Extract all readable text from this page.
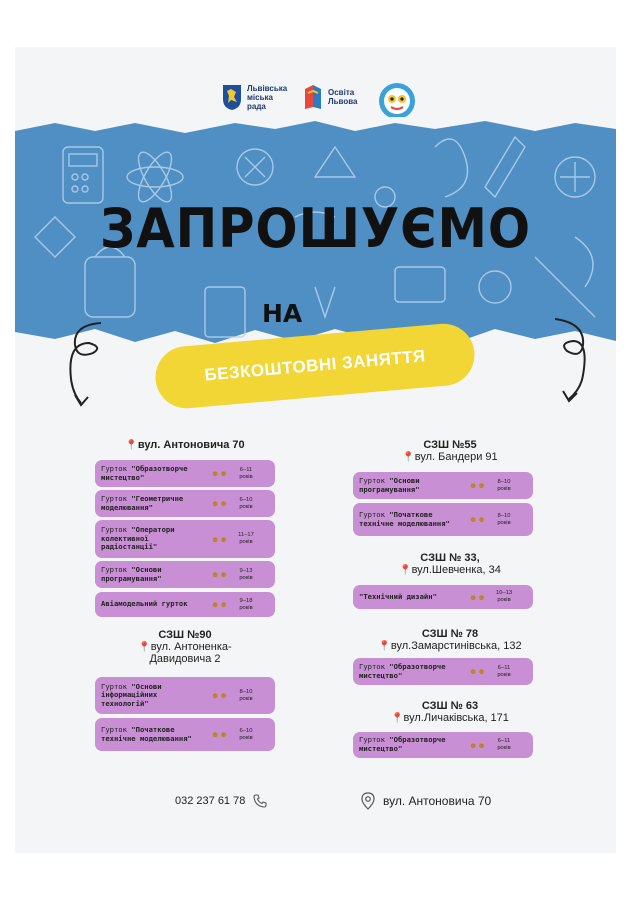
Львівська
міська
рада
Освіта
Львова
ЗАПРОШУЄМО
НА
БЕЗКОШТОВНІ ЗАНЯТТЯ
📍вул. Антоновича 70
Гурток "Образотворче мистецтво"	☻☻	6–11
років
Гурток "Геометричне моделювання"	☻☻	6–10
років
Гурток "Оператори колективної радіостанції"
☻☻	11–17
років
Гурток "Основи програмування"	☻☻	9–13
років
Авіамодельний гурток	☻☻	9–18
років
СЗШ №90
📍вул. Антоненка-
Давидовича 2
Гурток "Основи інформаційних технологій"
☻☻	8–10
років
Гурток "Початкове технічне моделювання"	☻☻	6–10
років
СЗШ №55
📍вул. Бандери 91
Гурток "Основи програмування"	☻☻	8–10
років
Гурток "Початкове технічне моделювання"	☻☻	8–10
років
СЗШ № 33,
📍вул.Шевченка, 34
"Технічний дизайн"	☻☻	10–13
років
СЗШ № 78
📍вул.Замарстинівська, 132
Гурток "Образотворче мистецтво"	☻☻	6–11
років
СЗШ № 63
📍вул.Личаківська, 171
Гурток "Образотворче мистецтво"	☻☻	6–11
років
032 237 61 78	вул. Антоновича 70
